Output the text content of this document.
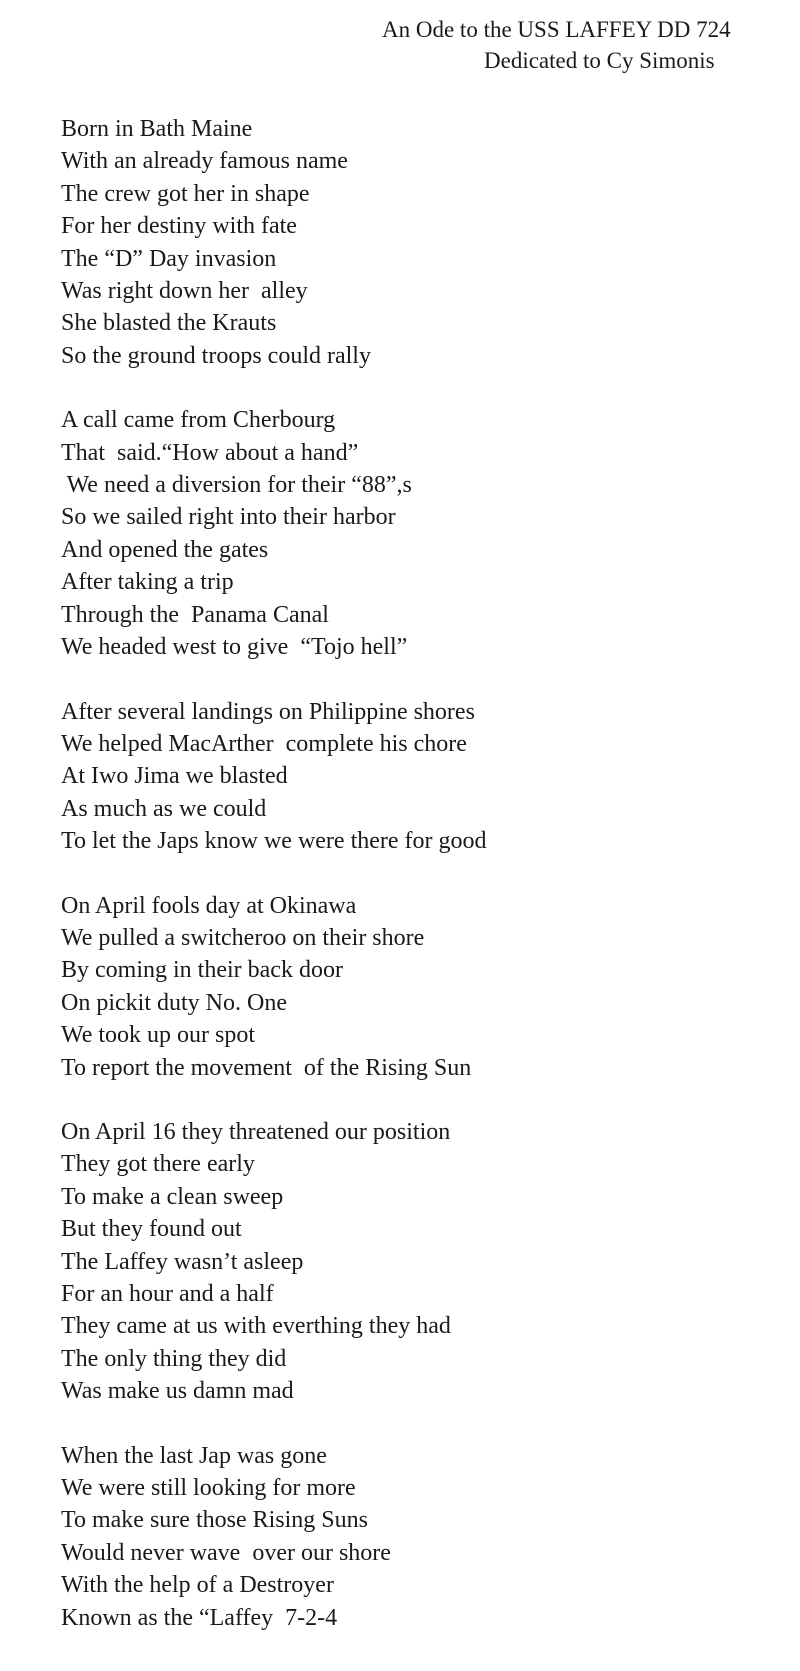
An Ode to the USS LAFFEY DD 724
Dedicated to Cy Simonis
Born in Bath Maine
With an already famous name
The crew got her in shape
For her destiny with fate
The “D” Day invasion
Was right down her  alley
She blasted the Krauts
So the ground troops could rally
A call came from Cherbourg
That  said.“How about a hand”
We need a diversion for their “88”,s
So we sailed right into their harbor
And opened the gates
After taking a trip
Through the  Panama Canal
We headed west to give  “Tojo hell”
After several landings on Philippine shores
We helped MacArther  complete his chore
At Iwo Jima we blasted
As much as we could
To let the Japs know we were there for good
On April fools day at Okinawa
We pulled a switcheroo on their shore
By coming in their back door
On pickit duty No. One
We took up our spot
To report the movement  of the Rising Sun
On April 16 they threatened our position
They got there early
To make a clean sweep
But they found out
The Laffey wasn’t asleep
For an hour and a half
They came at us with everthing they had
The only thing they did
Was make us damn mad
When the last Jap was gone
We were still looking for more
To make sure those Rising Suns
Would never wave  over our shore
With the help of a Destroyer
Known as the “Laffey  7-2-4
